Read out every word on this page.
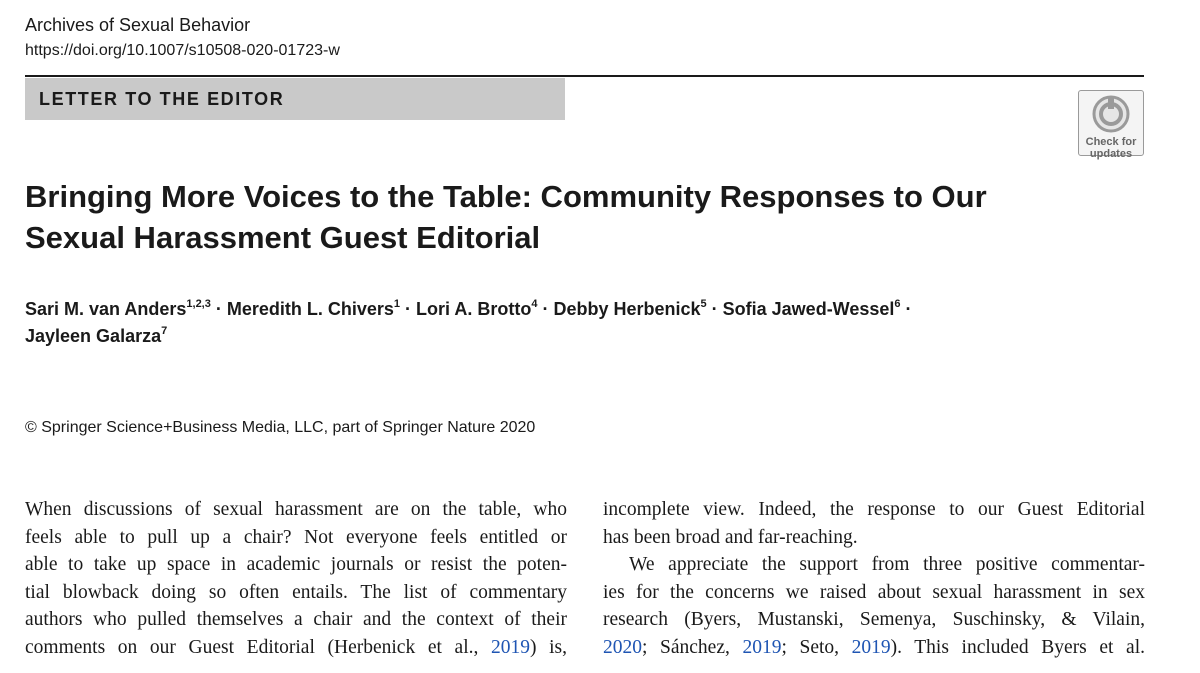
Archives of Sexual Behavior
https://doi.org/10.1007/s10508-020-01723-w
LETTER TO THE EDITOR
Check for updates
Bringing More Voices to the Table: Community Responses to Our Sexual Harassment Guest Editorial
Sari M. van Anders$^{1,2,3}$ · Meredith L. Chivers$^1$ · Lori A. Brotto$^4$ · Debby Herbenick$^5$ · Sofia Jawed-Wessel$^6$ ·
Jayleen Galarza$^7$
© Springer Science+Business Media, LLC, part of Springer Nature 2020
When discussions of sexual harassment are on the table, who
feels able to pull up a chair? Not everyone feels entitled or
able to take up space in academic journals or resist the poten-
tial blowback doing so often entails. The list of commentary
authors who pulled themselves a chair and the context of their
comments on our Guest Editorial (Herbenick et al., 2019) is,
incomplete view. Indeed, the response to our Guest Editorial
has been broad and far-reaching.
We appreciate the support from three positive commentar-
ies for the concerns we raised about sexual harassment in sex
research (Byers, Mustanski, Semenya, Suschinsky, & Vilain,
2020; Sánchez, 2019; Seto, 2019). This included Byers et al.
